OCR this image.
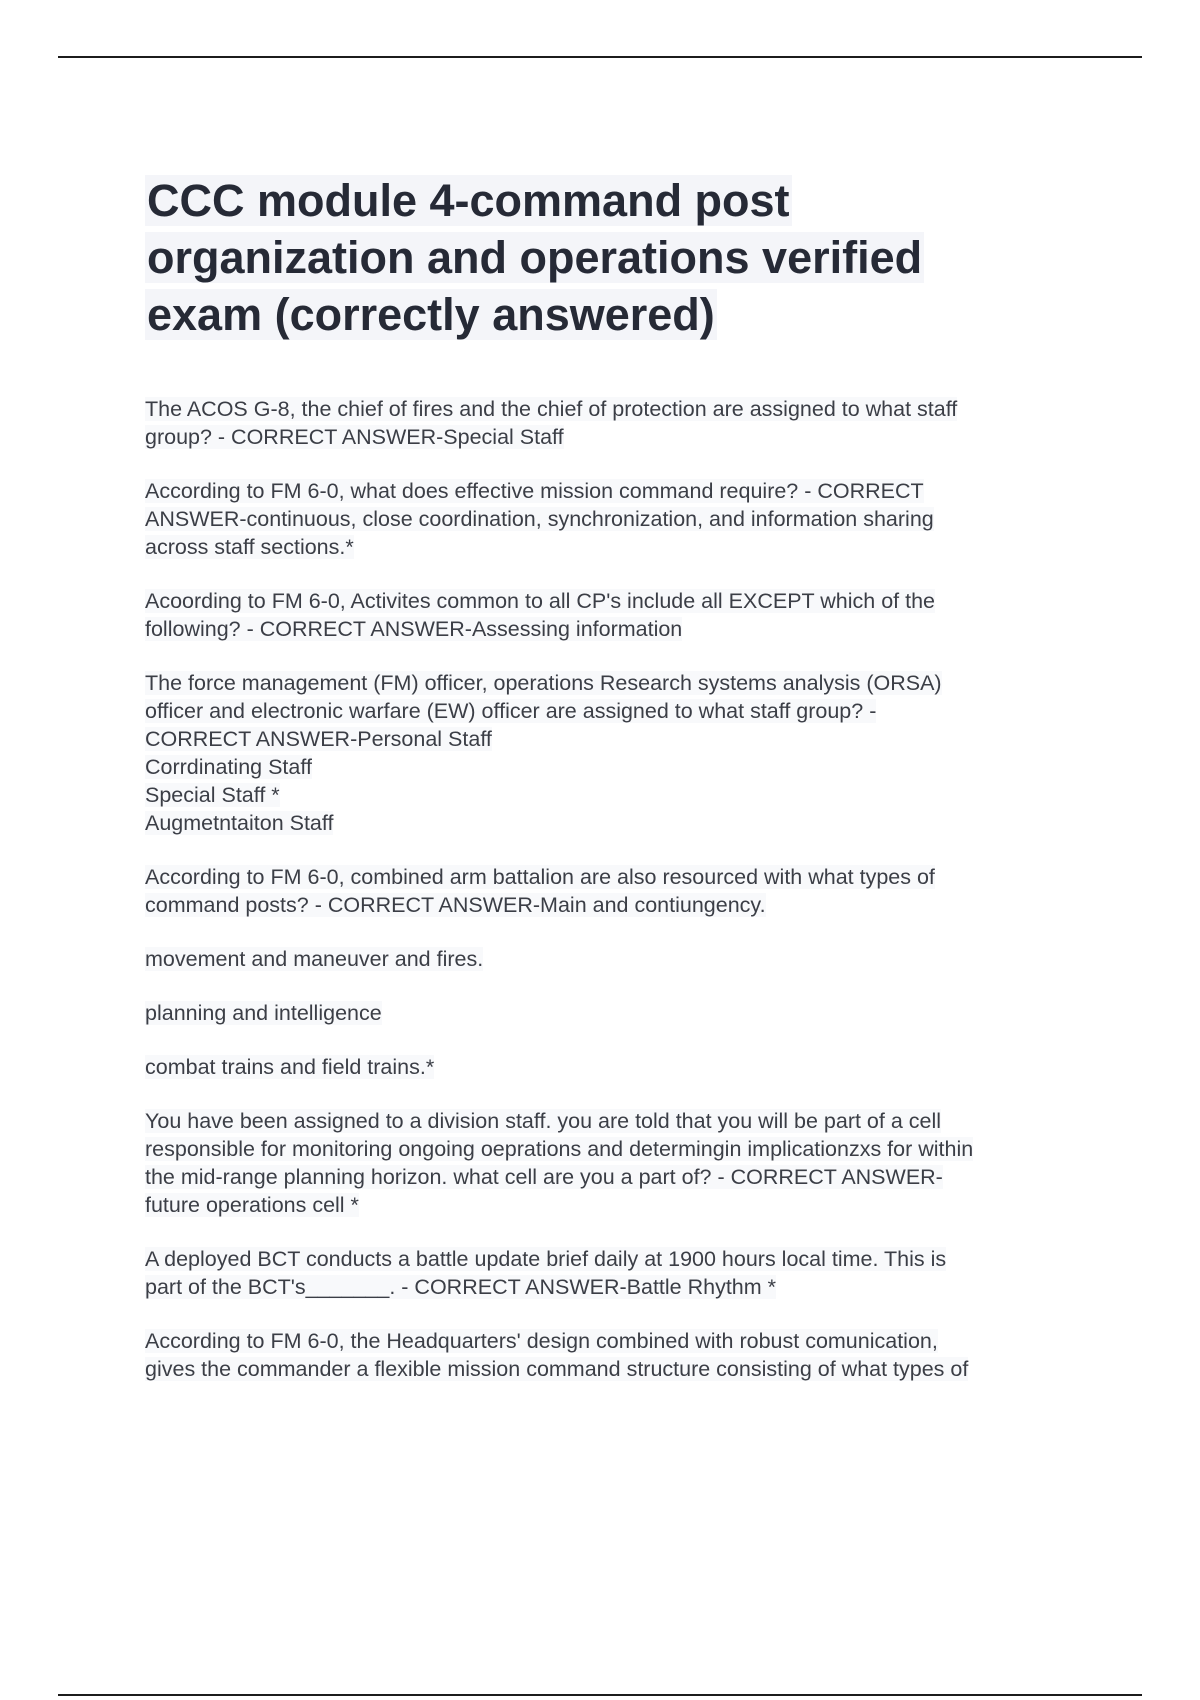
CCC module 4-command post
organization and operations verified
exam (correctly answered)

The ACOS G-8, the chief of fires and the chief of protection are assigned to what staff
group? - CORRECT ANSWER-Special Staff

According to FM 6-0, what does effective mission command require? - CORRECT
ANSWER-continuous, close coordination, synchronization, and information sharing
across staff sections.*

Acoording to FM 6-0, Activites common to all CP's include all EXCEPT which of the
following? - CORRECT ANSWER-Assessing information

The force management (FM) officer, operations Research systems analysis (ORSA)
officer and electronic warfare (EW) officer are assigned to what staff group? -
CORRECT ANSWER-Personal Staff
Corrdinating Staff
Special Staff *
Augmetntaiton Staff

According to FM 6-0, combined arm battalion are also resourced with what types of
command posts? - CORRECT ANSWER-Main and contiungency.

movement and maneuver and fires.

planning and intelligence

combat trains and field trains.*

You have been assigned to a division staff. you are told that you will be part of a cell
responsible for monitoring ongoing oeprations and determingin implicationzxs for within
the mid-range planning horizon. what cell are you a part of? - CORRECT ANSWER-
future operations cell *

A deployed BCT conducts a battle update brief daily at 1900 hours local time. This is
part of the BCT's_______. - CORRECT ANSWER-Battle Rhythm *

According to FM 6-0, the Headquarters' design combined with robust comunication,
gives the commander a flexible mission command structure consisting of what types of
